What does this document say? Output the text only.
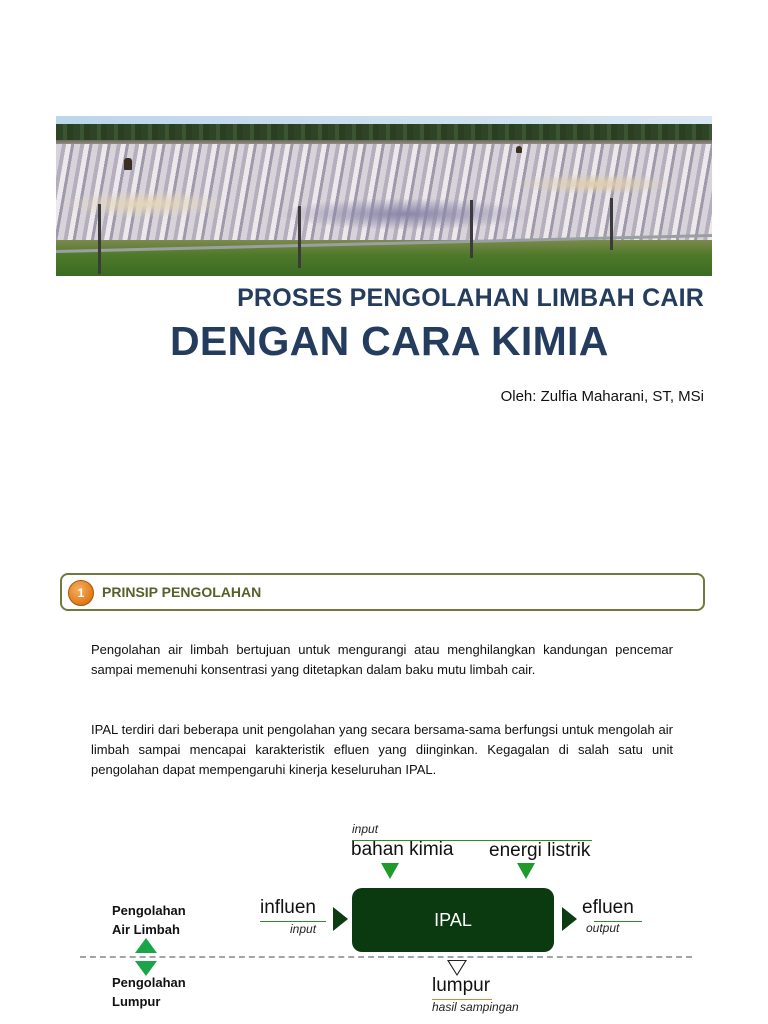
PROSES PENGOLAHAN LIMBAH CAIR
DENGAN CARA KIMIA
Oleh: Zulfia Maharani, ST, MSi
1	PRINSIP PENGOLAHAN
Pengolahan air limbah bertujuan untuk mengurangi atau menghilangkan kandungan pencemar sampai memenuhi konsentrasi yang ditetapkan dalam baku mutu limbah cair.
IPAL terdiri dari beberapa unit pengolahan yang secara bersama-sama berfungsi untuk mengolah air limbah sampai mencapai karakteristik efluen yang diinginkan. Kegagalan di salah satu unit pengolahan dapat mempengaruhi kinerja keseluruhan IPAL.
input
bahan kimia energi listrik
influen
input	IPAL
efluen
output
Pengolahan
Air Limbah
Pengolahan
Lumpur
lumpur
hasil sampingan
